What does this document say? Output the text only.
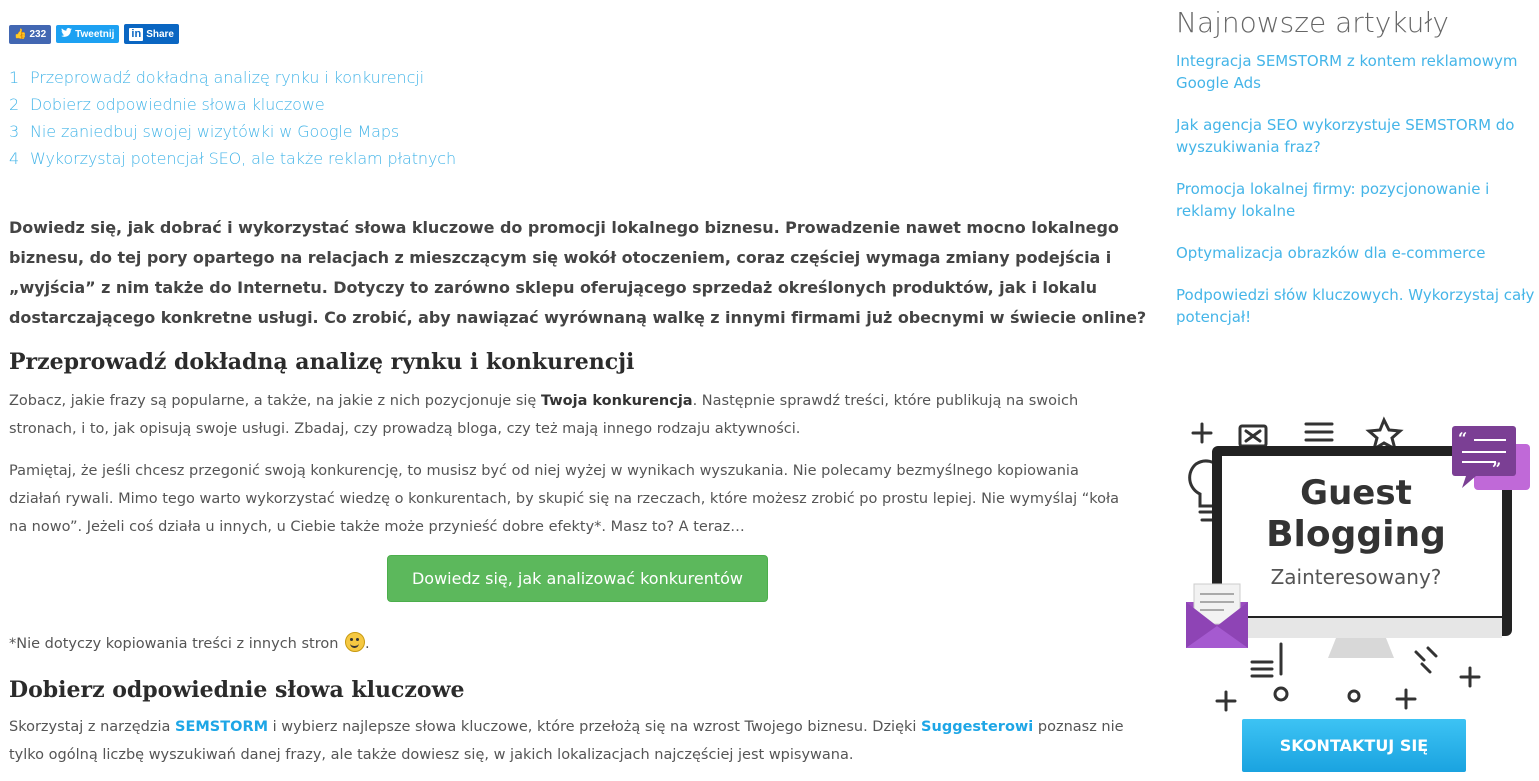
👍 232	Tweetnij in Share
1 Przeprowadź dokładną analizę rynku i konkurencji
2 Dobierz odpowiednie słowa kluczowe
3 Nie zaniedbuj swojej wizytówki w Google Maps
4 Wykorzystaj potencjał SEO, ale także reklam płatnych

Dowiedz się, jak dobrać i wykorzystać słowa kluczowe do promocji lokalnego biznesu. Prowadzenie nawet mocno lokalnego biznesu, do tej pory opartego na relacjach z mieszczącym się wokół otoczeniem, coraz częściej wymaga zmiany podejścia i „wyjścia” z nim także do Internetu. Dotyczy to zarówno sklepu oferującego sprzedaż określonych produktów, jak i lokalu dostarczającego konkretne usługi. Co zrobić, aby nawiązać wyrównaną walkę z innymi firmami już obecnymi w świecie online?

Przeprowadź dokładną analizę rynku i konkurencji

Zobacz, jakie frazy są popularne, a także, na jakie z nich pozycjonuje się Twoja konkurencja. Następnie sprawdź treści, które publikują na swoich stronach, i to, jak opisują swoje usługi. Zbadaj, czy prowadzą bloga, czy też mają innego rodzaju aktywności.

Pamiętaj, że jeśli chcesz przegonić swoją konkurencję, to musisz być od niej wyżej w wynikach wyszukania. Nie polecamy bezmyślnego kopiowania działań rywali. Mimo tego warto wykorzystać wiedzę o konkurentach, by skupić się na rzeczach, które możesz zrobić po prostu lepiej. Nie wymyślaj “koła na nowo”. Jeżeli coś działa u innych, u Ciebie także może przynieść dobre efekty*. Masz to? A teraz…

Dowiedz się, jak analizować konkurentów

*Nie dotyczy kopiowania treści z innych stron .

Dobierz odpowiednie słowa kluczowe

Skorzystaj z narzędzia SEMSTORM i wybierz najlepsze słowa kluczowe, które przełożą się na wzrost Twojego biznesu. Dzięki Suggesterowi poznasz nie tylko ogólną liczbę wyszukiwań danej frazy, ale także dowiesz się, w jakich lokalizacjach najczęściej jest wpisywana.

Najnowsze artykuły
Integracja SEMSTORM z kontem reklamowym Google Ads
Jak agencja SEO wykorzystuje SEMSTORM do wyszukiwania fraz?
Promocja lokalnej firmy: pozycjonowanie i reklamy lokalne
Optymalizacja obrazków dla e-commerce
Podpowiedzi słów kluczowych. Wykorzystaj cały potencjał!
Guest
Blogging
Zainteresowany?
“
”
SKONTAKTUJ SIĘ
